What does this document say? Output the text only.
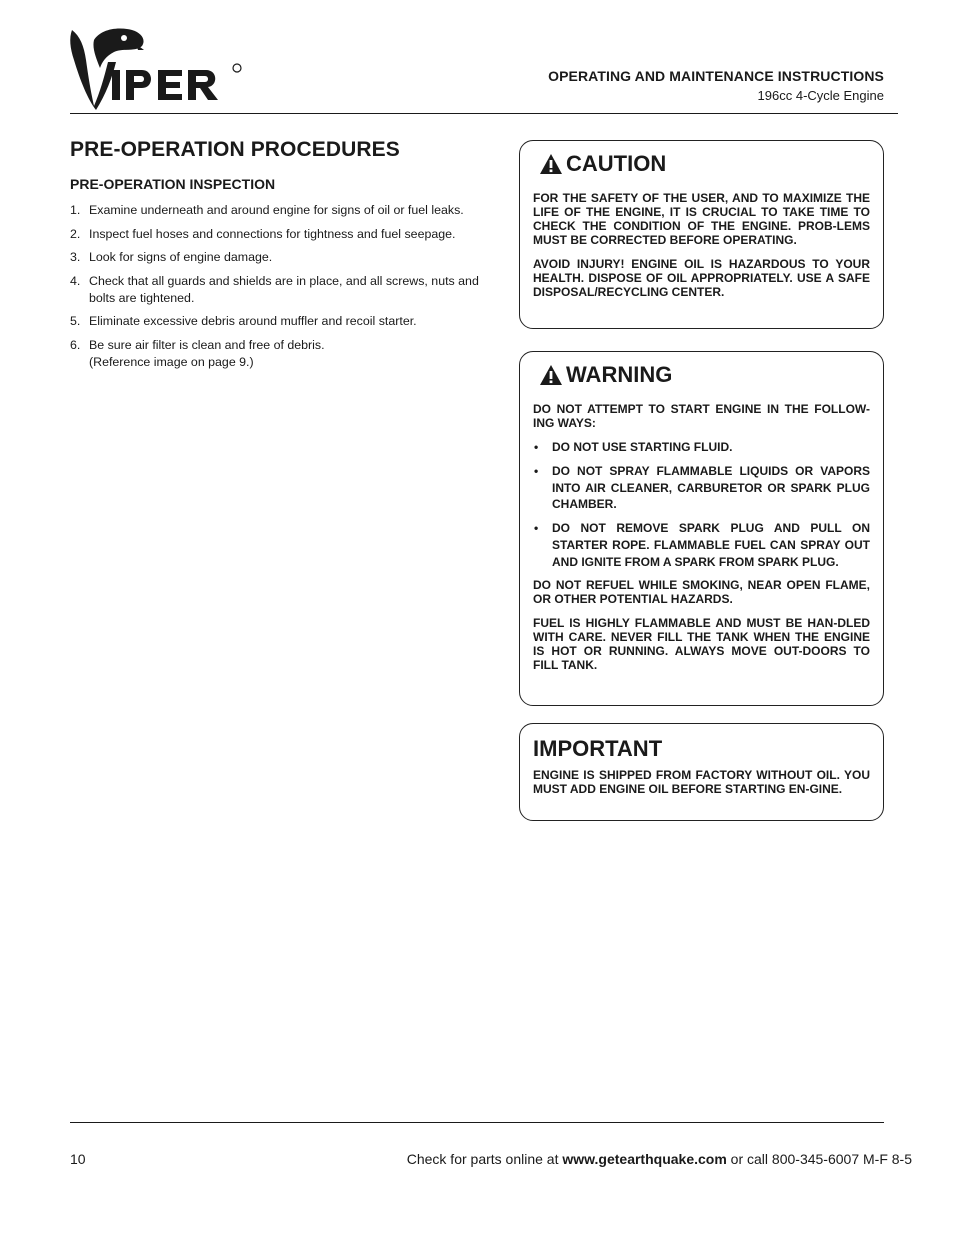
OPERATING AND MAINTENANCE INSTRUCTIONS
196cc 4-Cycle Engine
PRE-OPERATION PROCEDURES
PRE-OPERATION INSPECTION
1. Examine underneath and around engine for signs of oil or fuel leaks.
2. Inspect fuel hoses and connections for tightness and fuel seepage.
3. Look for signs of engine damage.
4. Check that all guards and shields are in place, and all screws, nuts and bolts are tightened.
5. Eliminate excessive debris around muffler and recoil starter.
6. Be sure air filter is clean and free of debris.
(Reference image on page 9.)
CAUTION

FOR THE SAFETY OF THE USER, AND TO MAXIMIZE THE LIFE OF THE ENGINE, IT IS CRUCIAL TO TAKE TIME TO CHECK THE CONDITION OF THE ENGINE. PROB-LEMS MUST BE CORRECTED BEFORE OPERATING.

AVOID INJURY! ENGINE OIL IS HAZARDOUS TO YOUR HEALTH. DISPOSE OF OIL APPROPRIATELY. USE A SAFE DISPOSAL/RECYCLING CENTER.

WARNING

DO NOT ATTEMPT TO START ENGINE IN THE FOLLOW-ING WAYS:

• DO NOT USE STARTING FLUID.
• DO NOT SPRAY FLAMMABLE LIQUIDS OR VAPORS INTO AIR CLEANER, CARBURETOR OR SPARK PLUG CHAMBER.
• DO NOT REMOVE SPARK PLUG AND PULL ON STARTER ROPE. FLAMMABLE FUEL CAN SPRAY OUT AND IGNITE FROM A SPARK FROM SPARK PLUG.

DO NOT REFUEL WHILE SMOKING, NEAR OPEN FLAME, OR OTHER POTENTIAL HAZARDS.

FUEL IS HIGHLY FLAMMABLE AND MUST BE HAN-DLED WITH CARE. NEVER FILL THE TANK WHEN THE ENGINE IS HOT OR RUNNING. ALWAYS MOVE OUT-DOORS TO FILL TANK.

IMPORTANT

ENGINE IS SHIPPED FROM FACTORY WITHOUT OIL. YOU MUST ADD ENGINE OIL BEFORE STARTING EN-GINE.

10	Check for parts online at www.getearthquake.com or call 800-345-6007 M-F 8-5
